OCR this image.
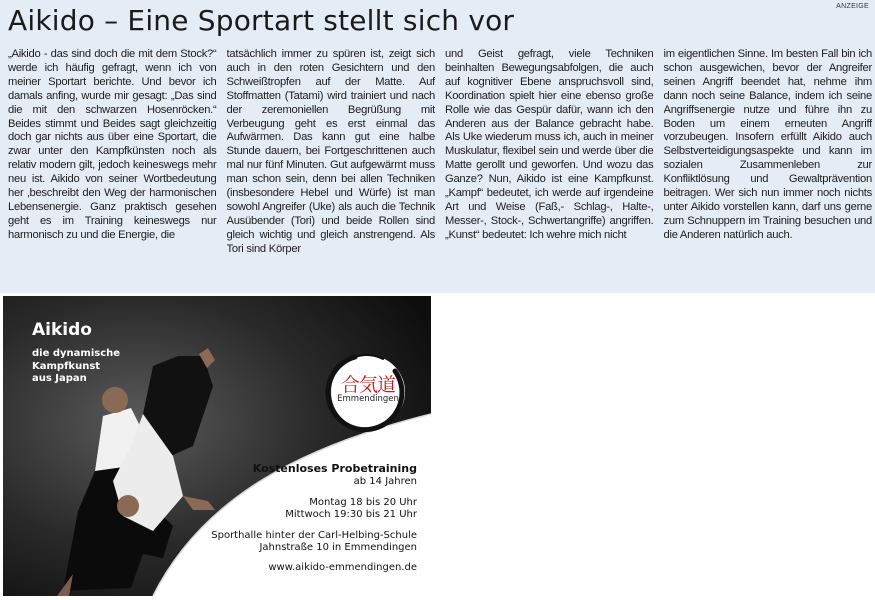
ANZEIGE
Aikido – Eine Sportart stellt sich vor

„Aikido - das sind doch die mit dem Stock?“ werde ich häufig gefragt, wenn ich von meiner Sportart berichte. Und bevor ich damals anfing, wurde mir gesagt: „Das sind die mit den schwarzen Hosenröcken.“ Beides stimmt und Beides sagt gleichzeitig doch gar nichts aus über eine Sportart, die zwar unter den Kampfkünsten noch als relativ modern gilt, jedoch keineswegs mehr neu ist. Aikido von seiner Wortbedeutung her ‚beschreibt den Weg der harmonischen Lebensenergie. Ganz praktisch gesehen geht es im Training keineswegs nur harmonisch zu und die Energie, die

tatsächlich immer zu spüren ist, zeigt sich auch in den roten Gesichtern und den Schweißtropfen auf der Matte. Auf Stoffmatten (Tatami) wird trainiert und nach der zeremoniellen Begrüßung mit Verbeugung geht es erst einmal das Aufwärmen. Das kann gut eine halbe Stunde dauern, bei Fortgeschrittenen auch mal nur fünf Minuten. Gut aufgewärmt muss man schon sein, denn bei allen Techniken (insbesondere Hebel und Würfe) ist man sowohl Angreifer (Uke) als auch die Technik Ausübender (Tori) und beide Rollen sind gleich wichtig und gleich anstrengend. Als Tori sind Körper

und Geist gefragt, viele Techniken beinhalten Bewegungsabfolgen, die auch auf kognitiver Ebene anspruchsvoll sind, Koordination spielt hier eine ebenso große Rolle wie das Gespür dafür, wann ich den Anderen aus der Balance gebracht habe. Als Uke wiederum muss ich, auch in meiner Muskulatur, flexibel sein und werde über die Matte gerollt und geworfen. Und wozu das Ganze? Nun, Aikido ist eine Kampfkunst. „Kampf“ bedeutet, ich werde auf irgendeine Art und Weise (Faß,- Schlag-, Halte-, Messer-, Stock-, Schwertangriffe) angriffen. „Kunst“ bedeutet: Ich wehre mich nicht

im eigentlichen Sinne. Im besten Fall bin ich schon ausgewichen, bevor der Angreifer seinen Angriff beendet hat, nehme ihm dann noch seine Balance, indem ich seine Angriffsenergie nutze und führe ihn zu Boden um einem erneuten Angriff vorzubeugen. Insofern erfüllt Aikido auch Selbstverteidigungsaspekte und kann im sozialen Zusammenleben zur Konfliktlösung und Gewaltprävention beitragen. Wer sich nun immer noch nichts unter Aikido vorstellen kann, darf uns gerne zum Schnuppern im Training besuchen und die Anderen natürlich auch.

Aikido
die dynamische
Kampfkunst
aus Japan	合気道
Emmendingen
Kostenloses Probetraining
ab 14 Jahren
Montag 18 bis 20 Uhr
Mittwoch 19:30 bis 21 Uhr
Sporthalle hinter der Carl-Helbing-Schule
Jahnstraße 10 in Emmendingen
www.aikido-emmendingen.de
